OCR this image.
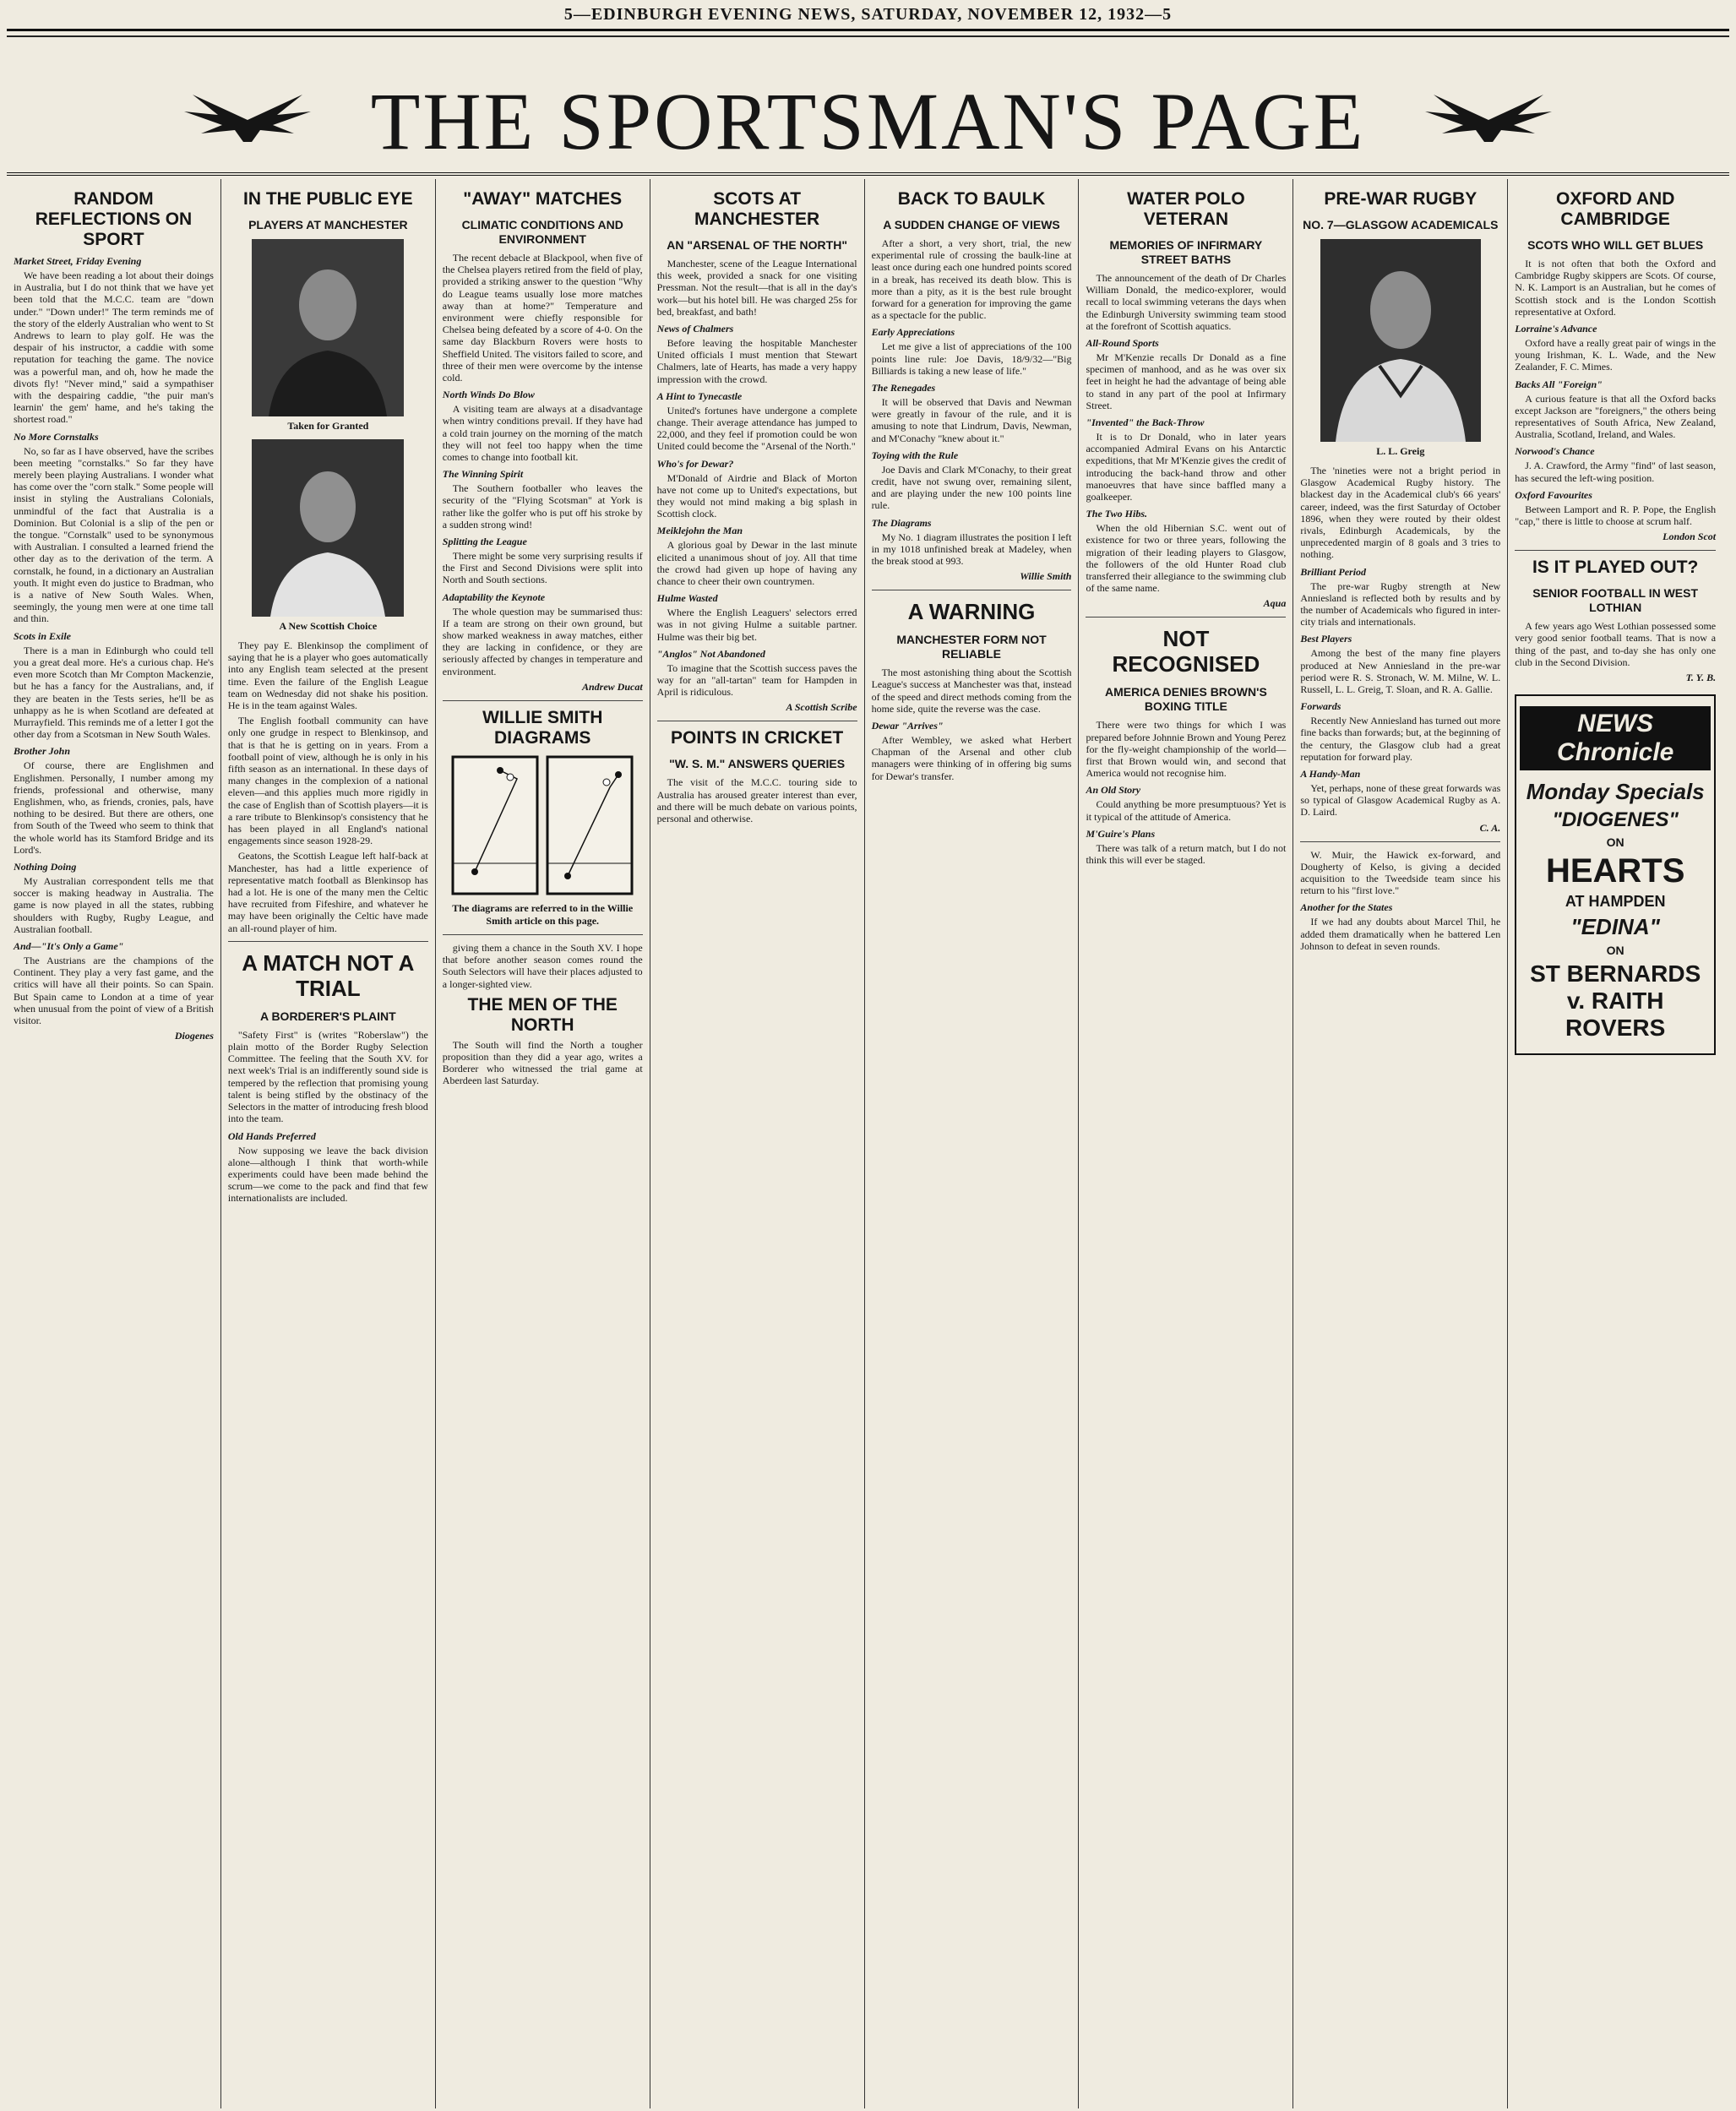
5—EDINBURGH EVENING NEWS, SATURDAY, NOVEMBER 12, 1932—5
THE SPORTSMAN'S PAGE
RANDOM REFLECTIONS ON SPORT
Market Street, Friday Evening

We have been reading a lot about their doings in Australia, but I do not think that we have yet been told that the M.C.C. team are "down under." "Down under!" The term reminds me of the story of the elderly Australian who went to St Andrews to learn to play golf. He was the despair of his instructor, a caddie with some reputation for teaching the game. The novice was a powerful man, and oh, how he made the divots fly! "Never mind," said a sympathiser with the despairing caddie, "the puir man's learnin' the gem' hame, and he's taking the shortest road."

No More Cornstalks

No, so far as I have observed, have the scribes been meeting "cornstalks." So far they have merely been playing Australians. I wonder what has come over the "corn stalk." Some people will insist in styling the Australians Colonials, unmindful of the fact that Australia is a Dominion. But Colonial is a slip of the pen or the tongue. "Cornstalk" used to be synonymous with Australian. I consulted a learned friend the other day as to the derivation of the term. A cornstalk, he found, in a dictionary an Australian youth. It might even do justice to Bradman, who is a native of New South Wales. When, seemingly, the young men were at one time tall and thin.

Scots in Exile

There is a man in Edinburgh who could tell you a great deal more. He's a curious chap. He's even more Scotch than Mr Compton Mackenzie, but he has a fancy for the Australians, and, if they are beaten in the Tests series, he'll be as unhappy as he is when Scotland are defeated at Murrayfield. This reminds me of a letter I got the other day from a Scotsman in New South Wales.

Brother John

Of course, there are Englishmen and Englishmen. Personally, I number among my friends, professional and otherwise, many Englishmen, who, as friends, cronies, pals, have nothing to be desired. But there are others, one from South of the Tweed who seem to think that the whole world has its Stamford Bridge and its Lord's.

Nothing Doing

My Australian correspondent tells me that soccer is making headway in Australia. The game is now played in all the states, rubbing shoulders with Rugby, Rugby League, and Australian football.

And—"It's Only a Game"

The Austrians are the champions of the Continent. They play a very fast game, and the critics will have all their points. So can Spain. But Spain came to London at a time of year when unusual from the point of view of a British visitor.

Diogenes
IN THE PUBLIC EYE
PLAYERS AT MANCHESTER
Taken for Granted
A New Scottish Choice

They pay E. Blenkinsop the compliment of saying that he is a player who goes automatically into any English team selected at the present time. Even the failure of the English League team on Wednesday did not shake his position. He is in the team against Wales.

The English football community can have only one grudge in respect to Blenkinsop, and that is that he is getting on in years. From a football point of view, although he is only in his fifth season as an international. In these days of many changes in the complexion of a national eleven—and this applies much more rigidly in the case of English than of Scottish players—it is a rare tribute to Blenkinsop's consistency that he has been played in all England's national engagements since season 1928-29.

Geatons, the Scottish League left half-back at Manchester, has had a little experience of representative match football as Blenkinsop has had a lot. He is one of the many men the Celtic have recruited from Fifeshire, and whatever he may have been originally the Celtic have made an all-round player of him.

A MATCH NOT A TRIAL
A BORDERER'S PLAINT

"Safety First" is (writes "Roberslaw") the plain motto of the Border Rugby Selection Committee. The feeling that the South XV. for next week's Trial is an indifferently sound side is tempered by the reflection that promising young talent is being stifled by the obstinacy of the Selectors in the matter of introducing fresh blood into the team.

Old Hands Preferred

Now supposing we leave the back division alone—although I think that worth-while experiments could have been made behind the scrum—we come to the pack and find that few internationalists are included.

"AWAY" MATCHES
CLIMATIC CONDITIONS AND ENVIRONMENT

The recent debacle at Blackpool, when five of the Chelsea players retired from the field of play, provided a striking answer to the question "Why do League teams usually lose more matches away than at home?" Temperature and environment were chiefly responsible for Chelsea being defeated by a score of 4-0. On the same day Blackburn Rovers were hosts to Sheffield United. The visitors failed to score, and three of their men were overcome by the intense cold.

North Winds Do Blow

A visiting team are always at a disadvantage when wintry conditions prevail. If they have had a cold train journey on the morning of the match they will not feel too happy when the time comes to change into football kit.

The Winning Spirit

The Southern footballer who leaves the security of the "Flying Scotsman" at York is rather like the golfer who is put off his stroke by a sudden strong wind!

Splitting the League

There might be some very surprising results if the First and Second Divisions were split into North and South sections.

Adaptability the Keynote

The whole question may be summarised thus: If a team are strong on their own ground, but show marked weakness in away matches, either they are lacking in confidence, or they are seriously affected by changes in temperature and environment.

Andrew Ducat
WILLIE SMITH DIAGRAMS
The diagrams are referred to in the Willie Smith article on this page.

giving them a chance in the South XV. I hope that before another season comes round the South Selectors will have their places adjusted to a longer-sighted view.

THE MEN OF THE NORTH

The South will find the North a tougher proposition than they did a year ago, writes a Borderer who witnessed the trial game at Aberdeen last Saturday.

SCOTS AT MANCHESTER
AN "ARSENAL OF THE NORTH"

Manchester, scene of the League International this week, provided a snack for one visiting Pressman. Not the result—that is all in the day's work—but his hotel bill. He was charged 25s for bed, breakfast, and bath!

News of Chalmers

Before leaving the hospitable Manchester United officials I must mention that Stewart Chalmers, late of Hearts, has made a very happy impression with the crowd.

A Hint to Tynecastle

United's fortunes have undergone a complete change. Their average attendance has jumped to 22,000, and they feel if promotion could be won United could become the "Arsenal of the North."

Who's for Dewar?

M'Donald of Airdrie and Black of Morton have not come up to United's expectations, but they would not mind making a big splash in Scottish clock.

Meiklejohn the Man

A glorious goal by Dewar in the last minute elicited a unanimous shout of joy. All that time the crowd had given up hope of having any chance to cheer their own countrymen.

Hulme Wasted

Where the English Leaguers' selectors erred was in not giving Hulme a suitable partner. Hulme was their big bet.

"Anglos" Not Abandoned

To imagine that the Scottish success paves the way for an "all-tartan" team for Hampden in April is ridiculous.

A Scottish Scribe
POINTS IN CRICKET
"W. S. M." ANSWERS QUERIES

The visit of the M.C.C. touring side to Australia has aroused greater interest than ever, and there will be much debate on various points, personal and otherwise.

BACK TO BAULK
A SUDDEN CHANGE OF VIEWS

After a short, a very short, trial, the new experimental rule of crossing the baulk-line at least once during each one hundred points scored in a break, has received its death blow. This is more than a pity, as it is the best rule brought forward for a generation for improving the game as a spectacle for the public.

Early Appreciations

Let me give a list of appreciations of the 100 points line rule: Joe Davis, 18/9/32—"Big Billiards is taking a new lease of life."

The Renegades

It will be observed that Davis and Newman were greatly in favour of the rule, and it is amusing to note that Lindrum, Davis, Newman, and M'Conachy "knew about it."

Toying with the Rule

Joe Davis and Clark M'Conachy, to their great credit, have not swung over, remaining silent, and are playing under the new 100 points line rule.

The Diagrams

My No. 1 diagram illustrates the position I left in my 1018 unfinished break at Madeley, when the break stood at 993.

Willie Smith
A WARNING
MANCHESTER FORM NOT RELIABLE

The most astonishing thing about the Scottish League's success at Manchester was that, instead of the speed and direct methods coming from the home side, quite the reverse was the case.

Dewar "Arrives"

After Wembley, we asked what Herbert Chapman of the Arsenal and other club managers were thinking of in offering big sums for Dewar's transfer.

WATER POLO VETERAN
MEMORIES OF INFIRMARY STREET BATHS

The announcement of the death of Dr Charles William Donald, the medico-explorer, would recall to local swimming veterans the days when the Edinburgh University swimming team stood at the forefront of Scottish aquatics.

All-Round Sports

Mr M'Kenzie recalls Dr Donald as a fine specimen of manhood, and as he was over six feet in height he had the advantage of being able to stand in any part of the pool at Infirmary Street.

"Invented" the Back-Throw

It is to Dr Donald, who in later years accompanied Admiral Evans on his Antarctic expeditions, that Mr M'Kenzie gives the credit of introducing the back-hand throw and other manoeuvres that have since baffled many a goalkeeper.

The Two Hibs.

When the old Hibernian S.C. went out of existence for two or three years, following the migration of their leading players to Glasgow, the followers of the old Hunter Road club transferred their allegiance to the swimming club of the same name.

Aqua
NOT RECOGNISED
AMERICA DENIES BROWN'S BOXING TITLE

There were two things for which I was prepared before Johnnie Brown and Young Perez for the fly-weight championship of the world—first that Brown would win, and second that America would not recognise him.

An Old Story

Could anything be more presumptuous? Yet is it typical of the attitude of America.

M'Guire's Plans

There was talk of a return match, but I do not think this will ever be staged.

PRE-WAR RUGBY
NO. 7—GLASGOW ACADEMICALS
L. L. Greig

The 'nineties were not a bright period in Glasgow Academical Rugby history. The blackest day in the Academical club's 66 years' career, indeed, was the first Saturday of October 1896, when they were routed by their oldest rivals, Edinburgh Academicals, by the unprecedented margin of 8 goals and 3 tries to nothing.

Brilliant Period

The pre-war Rugby strength at New Anniesland is reflected both by results and by the number of Academicals who figured in inter-city trials and internationals.

Best Players

Among the best of the many fine players produced at New Anniesland in the pre-war period were R. S. Stronach, W. M. Milne, W. L. Russell, L. L. Greig, T. Sloan, and R. A. Gallie.

Forwards

Recently New Anniesland has turned out more fine backs than forwards; but, at the beginning of the century, the Glasgow club had a great reputation for forward play.

A Handy-Man

Yet, perhaps, none of these great forwards was so typical of Glasgow Academical Rugby as A. D. Laird.

C. A.

W. Muir, the Hawick ex-forward, and Dougherty of Kelso, is giving a decided acquisition to the Tweedside team since his return to his "first love."

Another for the States

If we had any doubts about Marcel Thil, he added them dramatically when he battered Len Johnson to defeat in seven rounds.

OXFORD AND CAMBRIDGE
SCOTS WHO WILL GET BLUES

It is not often that both the Oxford and Cambridge Rugby skippers are Scots. Of course, N. K. Lamport is an Australian, but he comes of Scottish stock and is the London Scottish representative at Oxford.

Lorraine's Advance

Oxford have a really great pair of wings in the young Irishman, K. L. Wade, and the New Zealander, F. C. Mimes.

Backs All "Foreign"

A curious feature is that all the Oxford backs except Jackson are "foreigners," the others being representatives of South Africa, New Zealand, Australia, Scotland, Ireland, and Wales.

Norwood's Chance

J. A. Crawford, the Army "find" of last season, has secured the left-wing position.

Oxford Favourites

Between Lamport and R. P. Pope, the English "cap," there is little to choose at scrum half.

London Scot
IS IT PLAYED OUT?
SENIOR FOOTBALL IN WEST LOTHIAN

A few years ago West Lothian possessed some very good senior football teams. That is now a thing of the past, and to-day she has only one club in the Second Division.

T. Y. B.
NEWS Chronicle
Monday Specials
"DIOGENES"
ON
HEARTS
AT HAMPDEN
"EDINA"
ON
ST BERNARDS v. RAITH ROVERS
